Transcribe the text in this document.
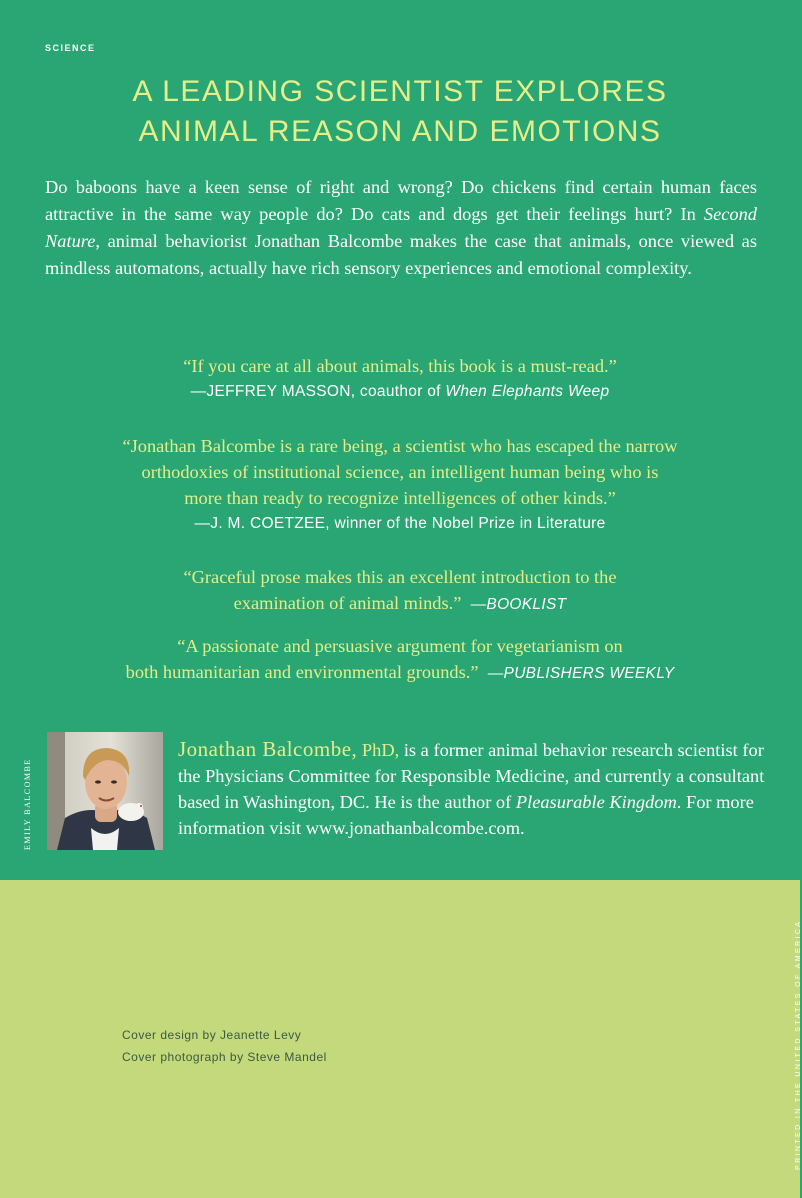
SCIENCE
A LEADING SCIENTIST EXPLORES
ANIMAL REASON AND EMOTIONS

Do baboons have a keen sense of right and wrong? Do chickens find certain human faces attractive in the same way people do? Do cats and dogs get their feelings hurt? In Second Nature, animal behaviorist Jonathan Balcombe makes the case that animals, once viewed as mindless automatons, actually have rich sensory experiences and emotional complexity.

“If you care at all about animals, this book is a must-read.”
—JEFFREY MASSON, coauthor of When Elephants Weep
“Jonathan Balcombe is a rare being, a scientist who has escaped the narrow
orthodoxies of institutional science, an intelligent human being who is
more than ready to recognize intelligences of other kinds.”
—J. M. COETZEE, winner of the Nobel Prize in Literature
“Graceful prose makes this an excellent introduction to the
examination of animal minds.” —BOOKLIST
“A passionate and persuasive argument for vegetarianism on
both humanitarian and environmental grounds.” —PUBLISHERS WEEKLY
EMILY BALCOMBE

Jonathan Balcombe, PhD, is a former animal behavior research scientist for the Physicians Committee for Responsible Medicine, and currently a consultant based in Washington, DC. He is the author of Pleasurable Kingdom. For more information visit www.jonathanbalcombe.com.

Cover design by Jeanette Levy
Cover photograph by Steve Mandel	PRINTED IN THE UNITED STATES OF AMERICA
